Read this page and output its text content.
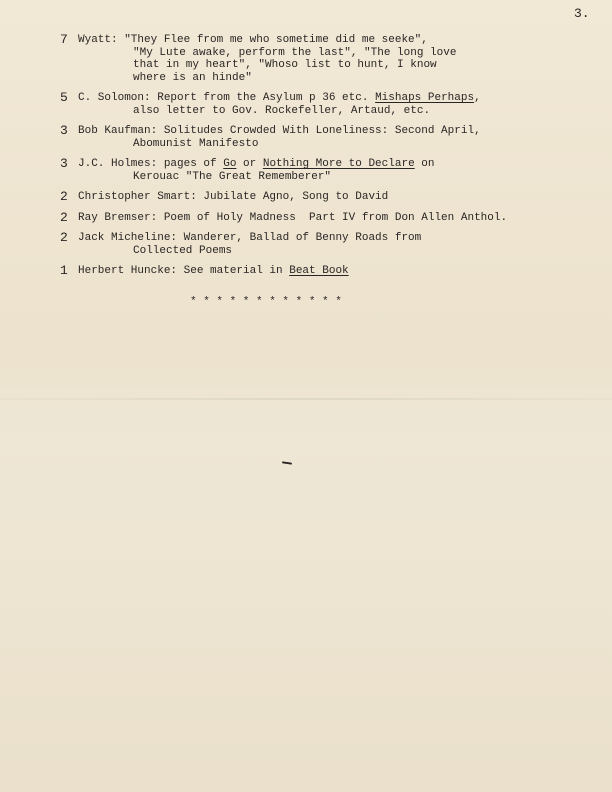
3.
7 Wyatt: "They Flee from me who sometime did me seeke",
"My Lute awake, perform the last", "The long love
that in my heart", "Whoso list to hunt, I know
where is an hinde"
5 C. Solomon: Report from the Asylum p 36 etc. Mishaps Perhaps,
also letter to Gov. Rockefeller, Artaud, etc.
3 Bob Kaufman: Solitudes Crowded With Loneliness: Second April,
Abomunist Manifesto
3 J.C. Holmes: pages of Go or Nothing More to Declare on
Kerouac "The Great Rememberer"
2 Christopher Smart: Jubilate Agno, Song to David
2 Ray Bremser: Poem of Holy Madness  Part IV from Don Allen Anthol.
2 Jack Micheline: Wanderer, Ballad of Benny Roads from
Collected Poems
1 Herbert Huncke: See material in Beat Book
* * * * * * * * * * * *
